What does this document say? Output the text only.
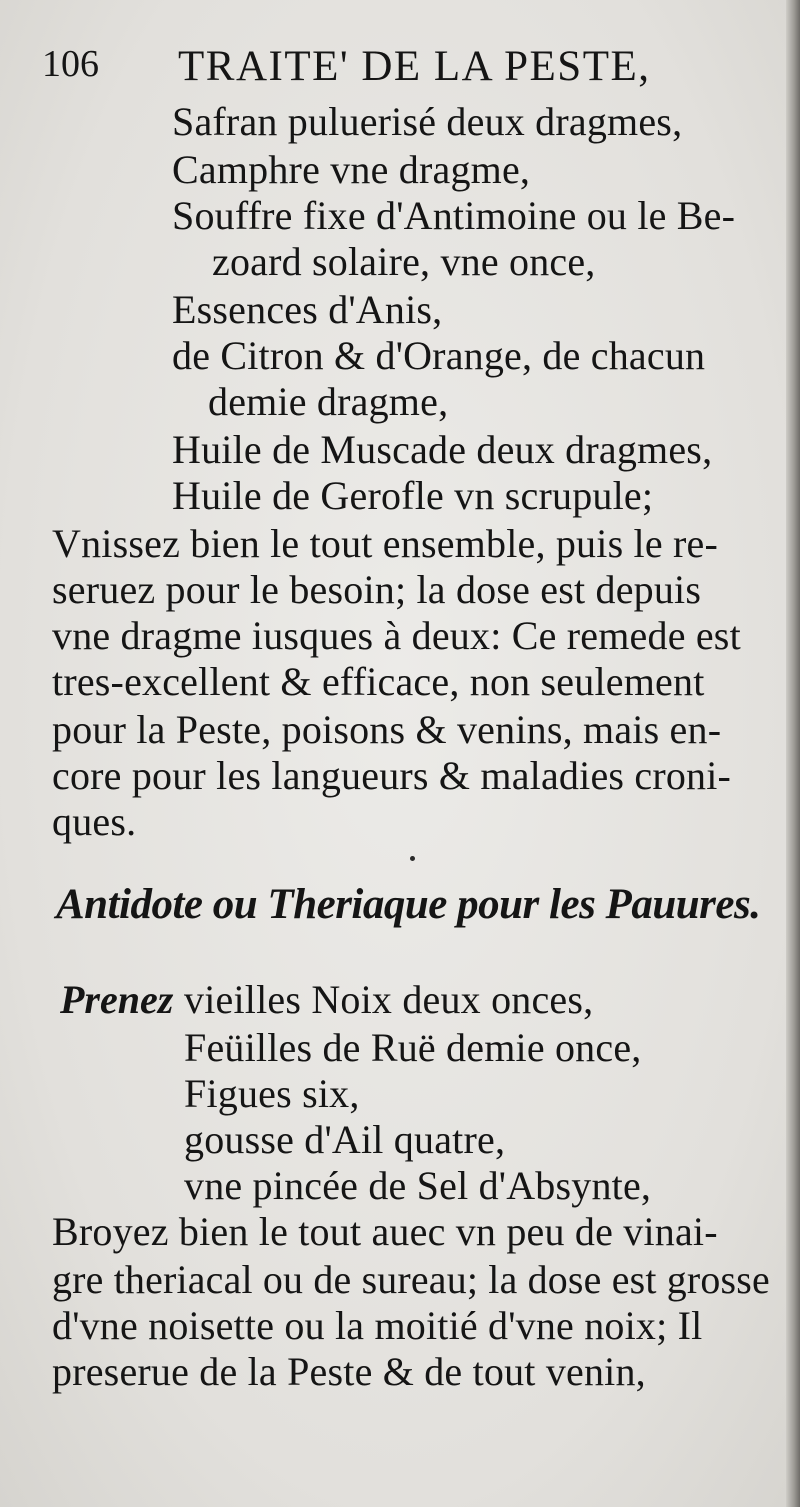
106 TRAITE' DE LA PESTE,
Safran puluerisé deux dragmes,
Camphre vne dragme,
Souffre fixe d'Antimoine ou le Be-
zoard solaire, vne once,
Essences d'Anis,
de Citron & d'Orange, de chacun
demie dragme,
Huile de Muscade deux dragmes,
Huile de Gerofle vn scrupule;
Vnissez bien le tout ensemble, puis le re-
seruez pour le besoin; la dose est depuis
vne dragme iusques à deux: Ce remede est
tres-excellent & efficace, non seulement
pour la Peste, poisons & venins, mais en-
core pour les langueurs & maladies croni-
ques.
Antidote ou Theriaque pour les Pauures.
Prenez vieilles Noix deux onces,
Feüilles de Ruë demie once,
Figues six,
gousse d'Ail quatre,
vne pincée de Sel d'Absynte,
Broyez bien le tout auec vn peu de vinai-
gre theriacal ou de sureau; la dose est grosse
d'vne noisette ou la moitié d'vne noix; Il
preserue de la Peste & de tout venin,
